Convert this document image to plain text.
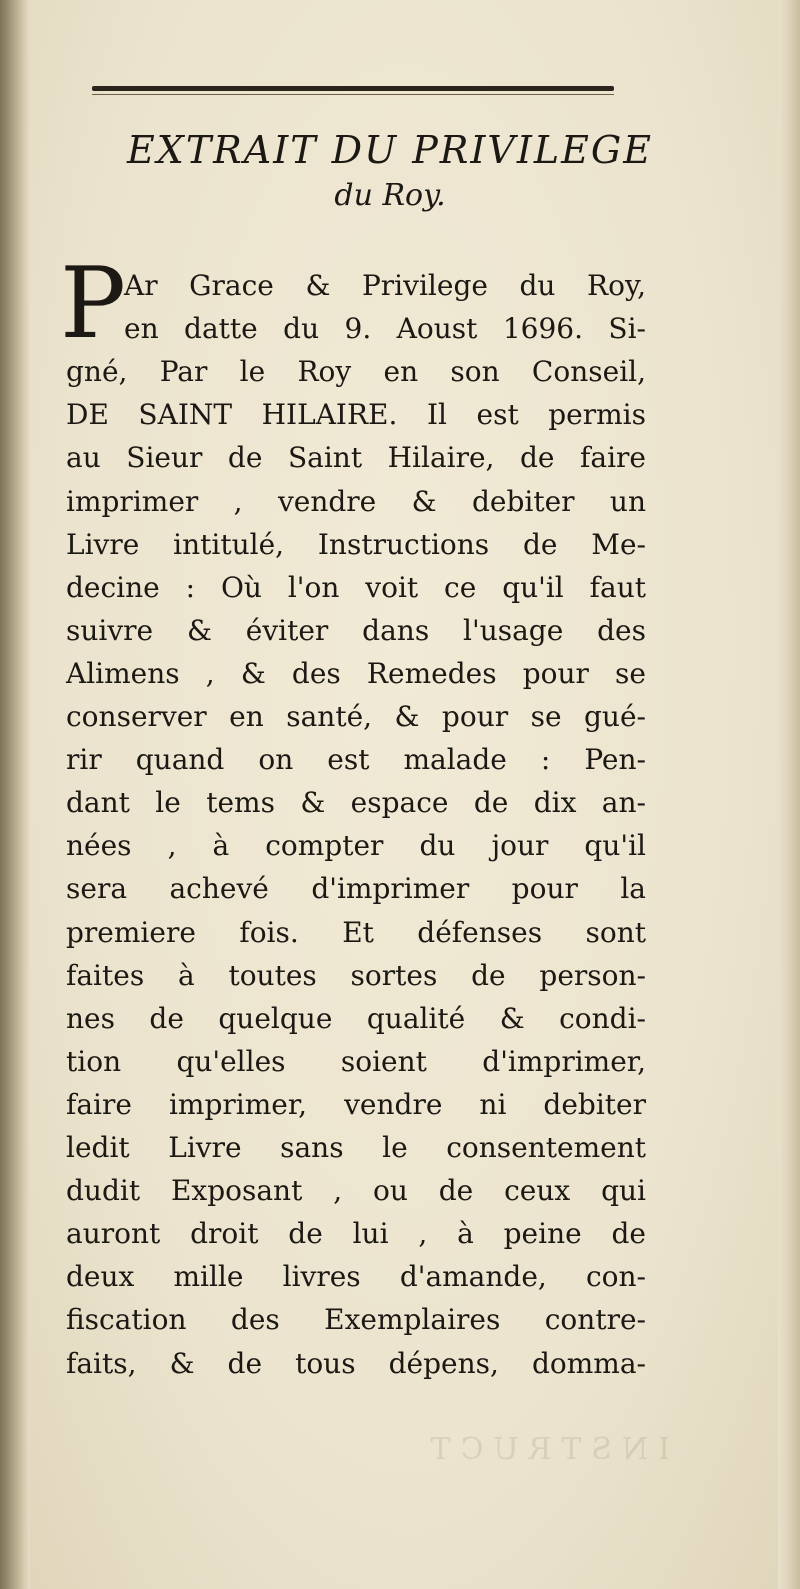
EXTRAIT DU PRIVILEGE
du Roy.
P
Ar Grace & Privilege du Roy,
en datte du 9. Aoust 1696. Si-
gné, Par le Roy en son Conseil,
DE SAINT HILAIRE. Il est permis
au Sieur de Saint Hilaire, de faire
imprimer , vendre & debiter un
Livre intitulé, Instructions de Me-
decine : Où l'on voit ce qu'il faut
suivre & éviter dans l'usage des
Alimens , & des Remedes pour se
conserver en santé, & pour se gué-
rir quand on est malade : Pen-
dant le tems & espace de dix an-
nées , à compter du jour qu'il
sera achevé d'imprimer pour la
premiere fois. Et défenses sont
faites à toutes sortes de person-
nes de quelque qualité & condi-
tion qu'elles soient d'imprimer,
faire imprimer, vendre ni debiter
ledit Livre sans le consentement
dudit Exposant , ou de ceux qui
auront droit de lui , à peine de
deux mille livres d'amande, con-
fiscation des Exemplaires contre-
faits, & de tous dépens, domma-
INSTRUCT
